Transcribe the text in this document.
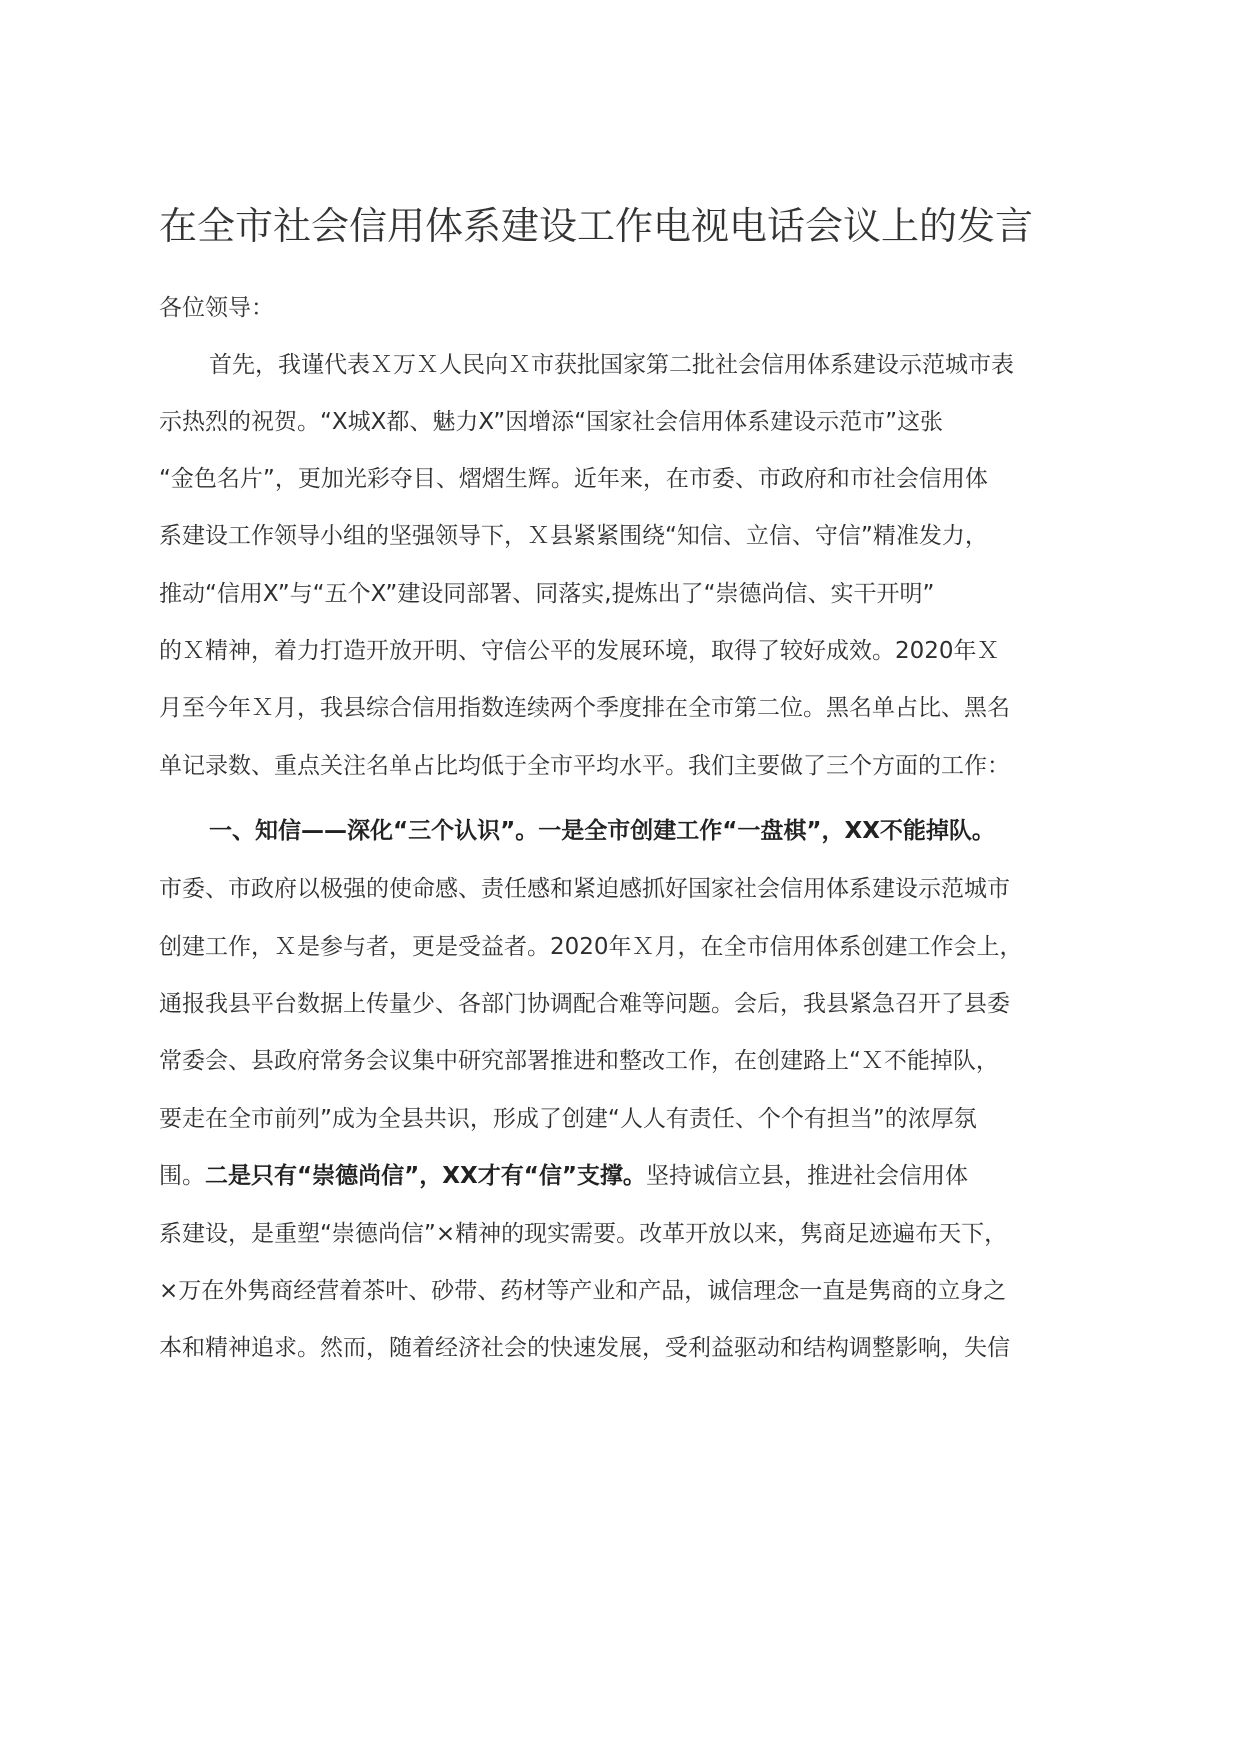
在全市社会信用体系建设工作电视电话会议上的发言
各位领导：
首先，我谨代表Ｘ万Ｘ人民向Ｘ市获批国家第二批社会信用体系建设示范城市表
示热烈的祝贺。“X城X都、魅力X”因增添“国家社会信用体系建设示范市”这张
“金色名片”，更加光彩夺目、熠熠生辉。近年来，在市委、市政府和市社会信用体
系建设工作领导小组的坚强领导下，Ｘ县紧紧围绕“知信、立信、守信”精准发力，
推动“信用X”与“五个X”建设同部署、同落实,提炼出了“崇德尚信、实干开明”
的Ｘ精神，着力打造开放开明、守信公平的发展环境，取得了较好成效。2020年Ｘ
月至今年Ｘ月，我县综合信用指数连续两个季度排在全市第二位。黑名单占比、黑名
单记录数、重点关注名单占比均低于全市平均水平。我们主要做了三个方面的工作：
一、知信——深化“三个认识”。一是全市创建工作“一盘棋”，XX不能掉队。
市委、市政府以极强的使命感、责任感和紧迫感抓好国家社会信用体系建设示范城市
创建工作，Ｘ是参与者，更是受益者。2020年Ｘ月，在全市信用体系创建工作会上，
通报我县平台数据上传量少、各部门协调配合难等问题。会后，我县紧急召开了县委
常委会、县政府常务会议集中研究部署推进和整改工作，在创建路上“Ｘ不能掉队，
要走在全市前列”成为全县共识，形成了创建“人人有责任、个个有担当”的浓厚氛
围。二是只有“崇德尚信”，XX才有“信”支撑。坚持诚信立县，推进社会信用体
系建设，是重塑“崇德尚信”×精神的现实需要。改革开放以来，隽商足迹遍布天下，
×万在外隽商经营着茶叶、砂带、药材等产业和产品，诚信理念一直是隽商的立身之
本和精神追求。然而，随着经济社会的快速发展，受利益驱动和结构调整影响，失信
